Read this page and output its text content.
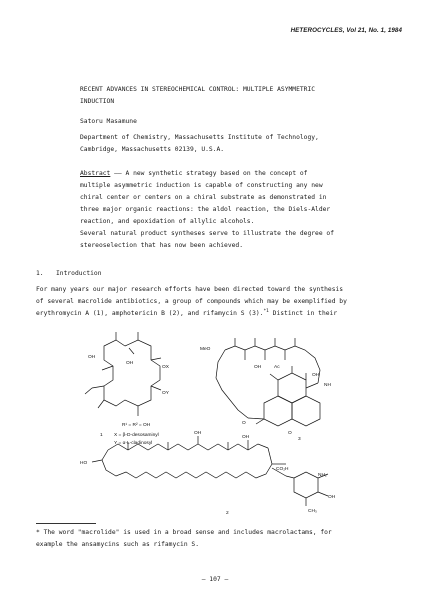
HETEROCYCLES, Vol 21, No. 1, 1984
RECENT ADVANCES IN STEREOCHEMICAL CONTROL: MULTIPLE ASYMMETRIC
INDUCTION
Satoru Masamune
Department of Chemistry, Massachusetts Institute of Technology,
Cambridge, Massachusetts 02139, U.S.A.

Abstract —— A new synthetic strategy based on the concept of

multiple asymmetric induction is capable of constructing any new

chiral center or centers on a chiral substrate as demonstrated in

three major organic reactions: the aldol reaction, the Diels-Alder

reaction, and epoxidation of allylic alcohols.

Several natural product syntheses serve to illustrate the degree of

stereoselection that has now been achieved.

1. Introduction

For many years our major research efforts have been directed toward the synthesis

of several macrolide antibiotics, a group of compounds which may be exemplified by

erythromycin A (1), amphotericin B (2), and rifamycin S (3).$^{*1}$ Distinct in their

OX
OY
OH
OH
R¹ = R² = OH
1 X = β-D-desosaminyl
Y = α-L-cladinosyl
MeO
OH	Ac
OH
NH
O
O
3
HO
OH
OH
CO₂H
NH₂
OH
CH₃
2

* The word "macrolide" is used in a broad sense and includes macrolactams, for

example the ansamycins such as rifamycin S.

— 107 —
